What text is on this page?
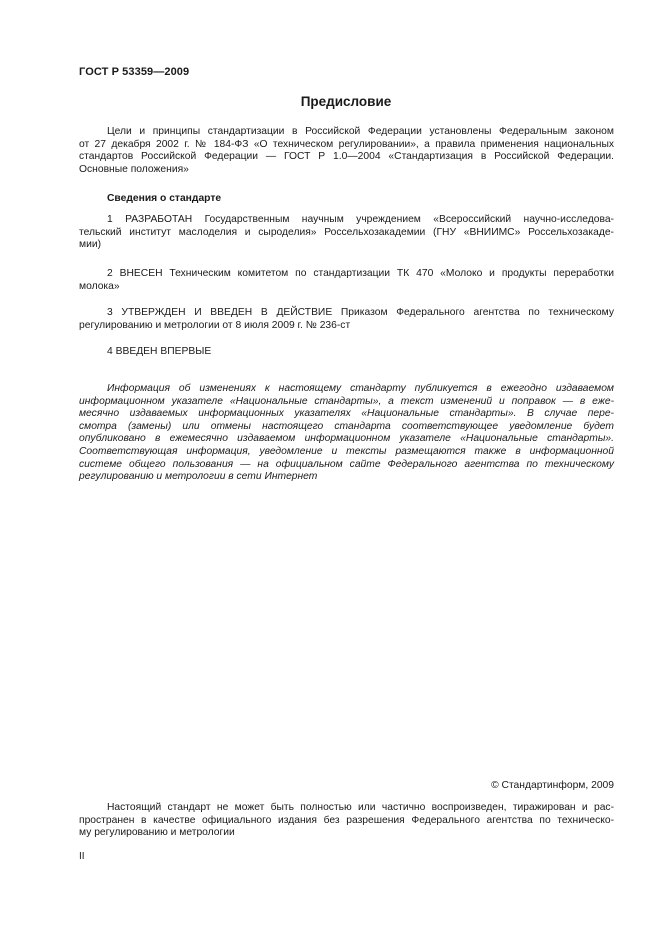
ГОСТ Р 53359—2009
Предисловие

Цели и принципы стандартизации в Российской Федерации установлены Федеральным законом
от 27 декабря 2002 г. № 184-ФЗ «О техническом регулировании», а правила применения национальных
стандартов Российской Федерации — ГОСТ Р 1.0—2004 «Стандартизация в Российской Федерации.
Основные положения»

Сведения о стандарте

1 РАЗРАБОТАН Государственным научным учреждением «Всероссийский научно-исследова-
тельский институт маслоделия и сыроделия» Россельхозакадемии (ГНУ «ВНИИМС» Россельхозакаде-
мии)

2 ВНЕСЕН Техническим комитетом по стандартизации ТК 470 «Молоко и продукты переработки
молока»

3 УТВЕРЖДЕН И ВВЕДЕН В ДЕЙСТВИЕ Приказом Федерального агентства по техническому
регулированию и метрологии от 8 июля 2009 г. № 236-ст

4 ВВЕДЕН ВПЕРВЫЕ

Информация об изменениях к настоящему стандарту публикуется в ежегодно издаваемом
информационном указателе «Национальные стандарты», а текст изменений и поправок — в еже-
месячно издаваемых информационных указателях «Национальные стандарты». В случае пере-
смотра (замены) или отмены настоящего стандарта соответствующее уведомление будет
опубликовано в ежемесячно издаваемом информационном указателе «Национальные стандарты».
Соответствующая информация, уведомление и тексты размещаются также в информационной
системе общего пользования — на официальном сайте Федерального агентства по техническому
регулированию и метрологии в сети Интернет

© Стандартинформ, 2009

Настоящий стандарт не может быть полностью или частично воспроизведен, тиражирован и рас-
пространен в качестве официального издания без разрешения Федерального агентства по техническо-
му регулированию и метрологии

II
